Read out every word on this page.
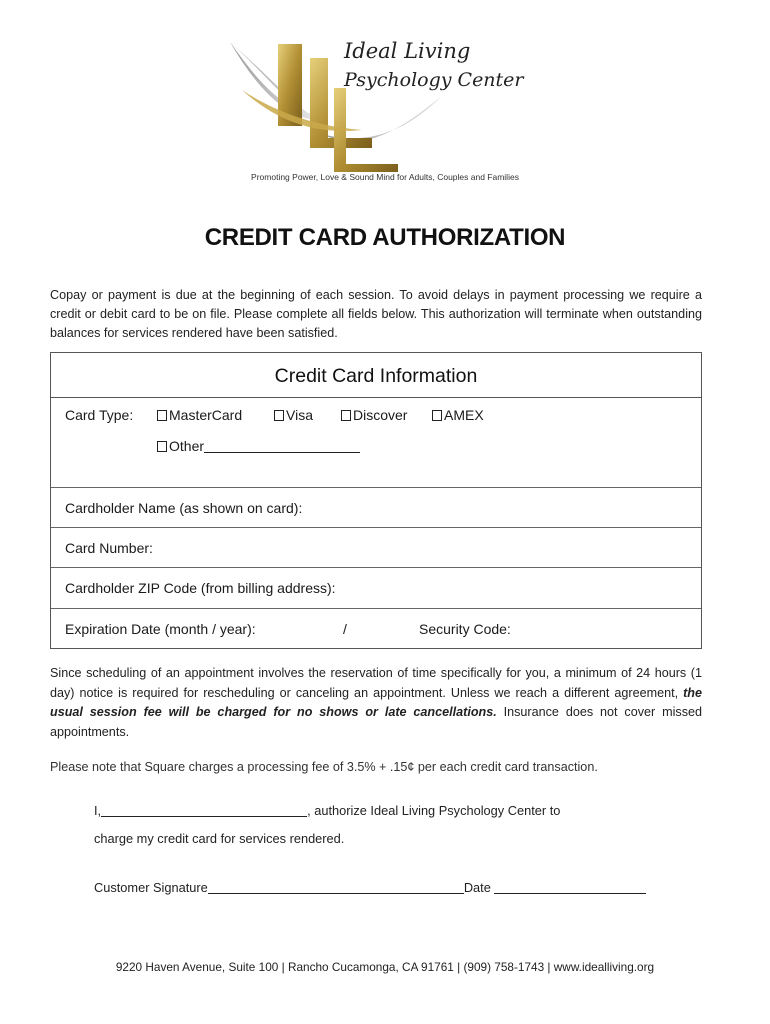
Ideal Living
Psychology Center
Promoting Power, Love & Sound Mind for Adults, Couples and Families
CREDIT CARD AUTHORIZATION
Copay or payment is due at the beginning of each session. To avoid delays in payment processing we require a credit or debit card to be on file. Please complete all fields below. This authorization will terminate when outstanding balances for services rendered have been satisfied.
Credit Card Information
Card Type:	MasterCard	Visa	Discover	AMEX
Other
Cardholder Name (as shown on card):
Card Number:
Cardholder ZIP Code (from billing address):
Expiration Date (month / year):	/	Security Code:
Since scheduling of an appointment involves the reservation of time specifically for you, a minimum of 24 hours (1 day) notice is required for rescheduling or canceling an appointment. Unless we reach a different agreement, the usual session fee will be charged for no shows or late cancellations. Insurance does not cover missed appointments.
Please note that Square charges a processing fee of 3.5% + .15¢ per each credit card transaction.
I,	, authorize Ideal Living Psychology Center to
charge my credit card for services rendered.
Customer Signature	Date
9220 Haven Avenue, Suite 100 | Rancho Cucamonga, CA 91761 | (909) 758-1743 | www.idealliving.org
